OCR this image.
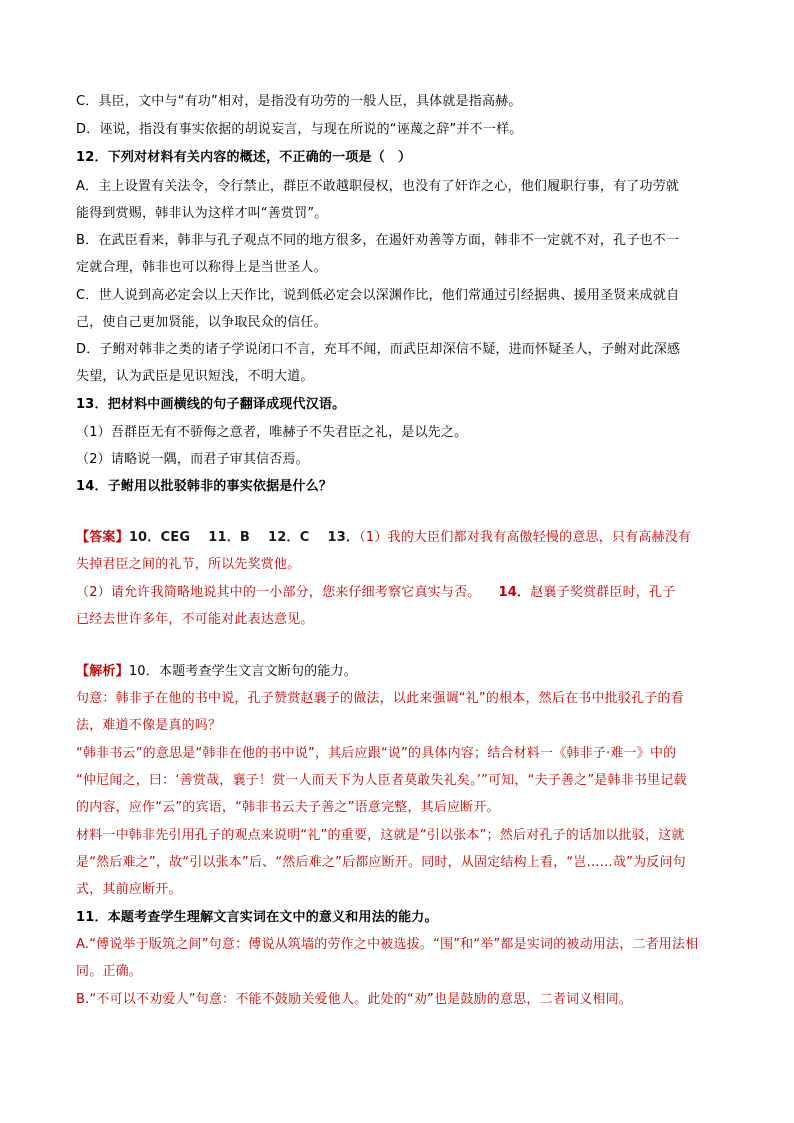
C．具臣，文中与“有功”相对，是指没有功劳的一般人臣，具体就是指高赫。
D．诬说，指没有事实依据的胡说妄言，与现在所说的“诬蔑之辞”并不一样。
12．下列对材料有关内容的概述，不正确的一项是（　）
A．主上设置有关法令，令行禁止，群臣不敢越职侵权，也没有了奸诈之心，他们履职行事，有了功劳就
能得到赏赐，韩非认为这样才叫“善赏罚”。
B．在武臣看来，韩非与孔子观点不同的地方很多，在遏奸劝善等方面，韩非不一定就不对，孔子也不一
定就合理，韩非也可以称得上是当世圣人。
C．世人说到高必定会以上天作比，说到低必定会以深渊作比，他们常通过引经据典、援用圣贤来成就自
己，使自己更加贤能，以争取民众的信任。
D．子鲋对韩非之类的诸子学说闭口不言，充耳不闻，而武臣却深信不疑，进而怀疑圣人，子鲋对此深感
失望，认为武臣是见识短浅，不明大道。
13．把材料中画横线的句子翻译成现代汉语。
（1）吾群臣无有不骄侮之意者，唯赫子不失君臣之礼，是以先之。
（2）请略说一隅，而君子审其信否焉。
14．子鲋用以批驳韩非的事实依据是什么？
【答案】10．CEG 11．B 12．C 13．（1）我的大臣们都对我有高傲轻慢的意思，只有高赫没有
失掉君臣之间的礼节，所以先奖赏他。
（2）请允许我简略地说其中的一小部分，您来仔细考察它真实与否。 14．赵襄子奖赏群臣时，孔子
已经去世许多年，不可能对此表达意见。
【解析】10．本题考查学生文言文断句的能力。
句意：韩非子在他的书中说，孔子赞赏赵襄子的做法，以此来强调“礼”的根本，然后在书中批驳孔子的看
法，难道不像是真的吗？
“韩非书云”的意思是“韩非在他的书中说”，其后应跟“说”的具体内容；结合材料一《韩非子·难一》中的
“仲尼闻之，曰：‘善赏哉，襄子！赏一人而天下为人臣者莫敢失礼矣。’”可知，“夫子善之”是韩非书里记载
的内容，应作“云”的宾语，“韩非书云夫子善之”语意完整，其后应断开。
材料一中韩非先引用孔子的观点来说明“礼”的重要，这就是“引以张本”；然后对孔子的话加以批驳，这就
是“然后难之”，故“引以张本”后、“然后难之”后都应断开。同时，从固定结构上看，“岂……哉”为反问句
式，其前应断开。
11．本题考查学生理解文言实词在文中的意义和用法的能力。
A.“傅说举于版筑之间”句意：傅说从筑墙的劳作之中被选拔。“围”和“举”都是实词的被动用法，二者用法相
同。正确。
B.“不可以不劝爱人”句意：不能不鼓励关爱他人。此处的“劝”也是鼓励的意思，二者词义相同。
